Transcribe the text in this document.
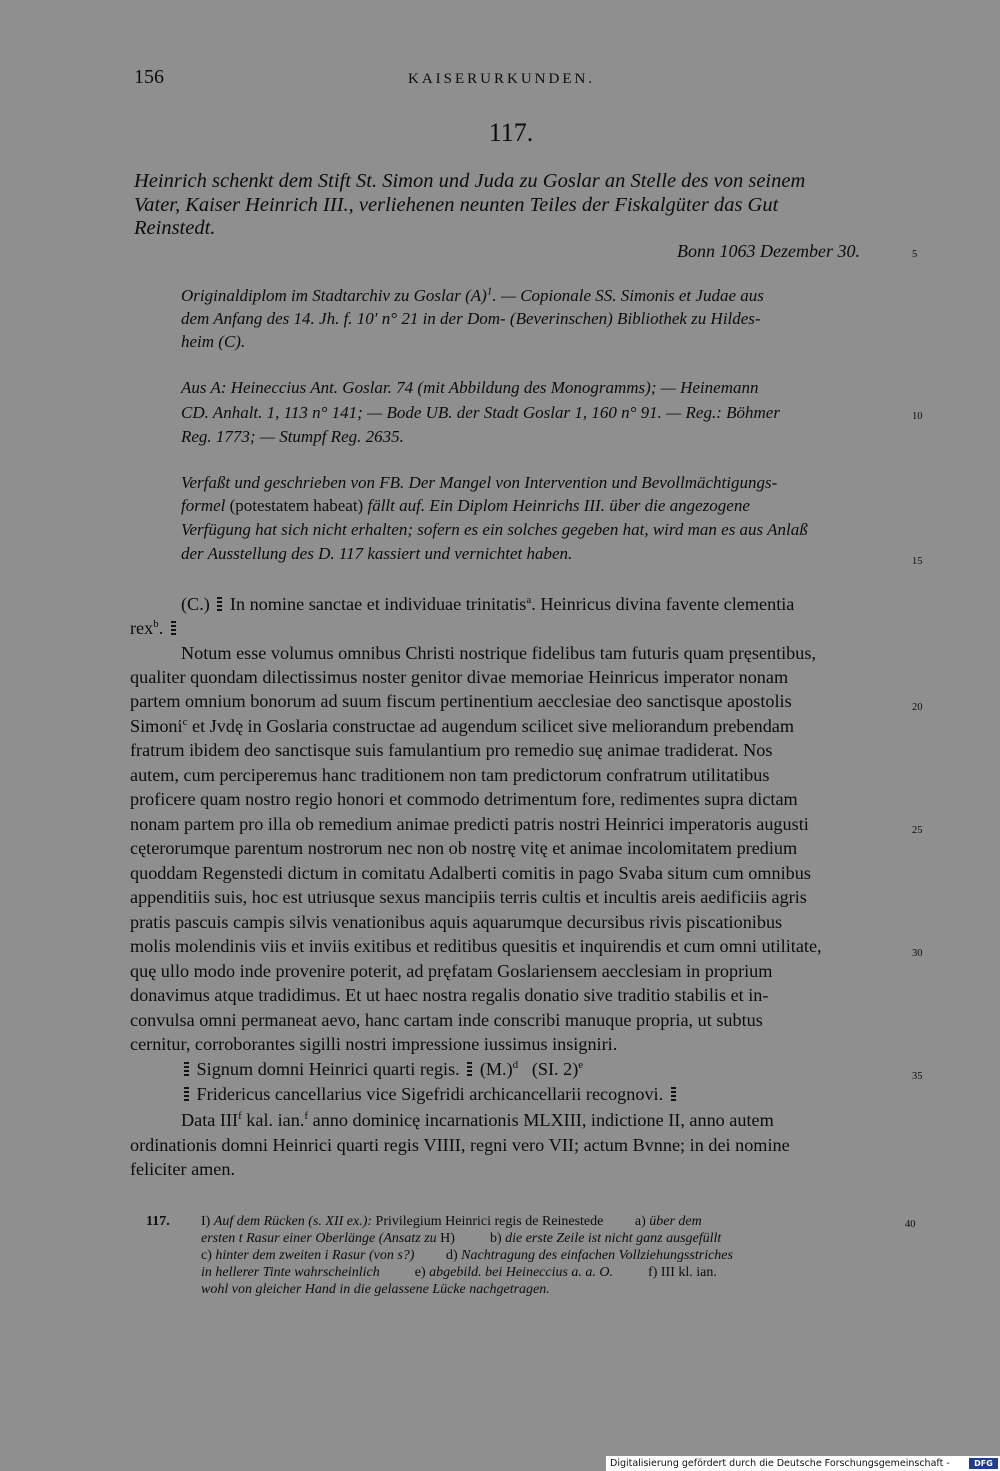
156	KAISERURKUNDEN.
117.
Heinrich schenkt dem Stift St. Simon und Juda zu Goslar an Stelle des von seinem
Vater, Kaiser Heinrich III., verliehenen neunten Teiles der Fiskalgüter das Gut
Reinstedt.
Bonn 1063 Dezember 30.	5
Originaldiplom im Stadtarchiv zu Goslar $(A)^1$. — Copionale SS. Simonis et Judae aus
dem Anfang des 14. Jh. f. 10′ n° 21 in der Dom- (Beverinschen) Bibliothek zu Hildes-
heim (C).
Aus A: Heineccius Ant. Goslar. 74 (mit Abbildung des Monogramms); — Heinemann
CD. Anhalt. 1, 113 n° 141; — Bode UB. der Stadt Goslar 1, 160 n° 91. — Reg.: Böhmer
Reg. 1773; — Stumpf Reg. 2635.
10
Verfaßt und geschrieben von FB. Der Mangel von Intervention und Bevollmächtigungs-
formel (potestatem habeat) fällt auf. Ein Diplom Heinrichs III. über die angezogene
Verfügung hat sich nicht erhalten; sofern es ein solches gegeben hat, wird man es aus Anlaß
der Ausstellung des D. 117 kassiert und vernichtet haben.	15
(C.) In nomine sanctae et individuae trinitatis$^a$. Heinricus divina favente clementia
rex$^b$.
Notum esse volumus omnibus Christi nostrique fidelibus tam futuris quam pręsentibus,
qualiter quondam dilectissimus noster genitor divae memoriae Heinricus imperator nonam
partem omnium bonorum ad suum fiscum pertinentium aecclesiae deo sanctisque apostolis
Simoni$^c$ et Jvdę in Goslaria constructae ad augendum scilicet sive meliorandum prebendam
fratrum ibidem deo sanctisque suis famulantium pro remedio suę animae tradiderat. Nos
autem, cum perciperemus hanc traditionem non tam predictorum confratrum utilitatibus
proficere quam nostro regio honori et commodo detrimentum fore, redimentes supra dictam
nonam partem pro illa ob remedium animae predicti patris nostri Heinrici imperatoris augusti
cęterorumque parentum nostrorum nec non ob nostrę vitę et animae incolomitatem predium
quoddam Regenstedi dictum in comitatu Adalberti comitis in pago Svaba situm cum omnibus
appenditiis suis, hoc est utriusque sexus mancipiis terris cultis et incultis areis aedificiis agris
pratis pascuis campis silvis venationibus aquis aquarumque decursibus rivis piscationibus
molis molendinis viis et inviis exitibus et reditibus quesitis et inquirendis et cum omni utilitate,
quę ullo modo inde provenire poterit, ad pręfatam Goslariensem aecclesiam in proprium
donavimus atque tradidimus. Et ut haec nostra regalis donatio sive traditio stabilis et in-
convulsa omni permaneat aevo, hanc cartam inde conscribi manuque propria, ut subtus
cernitur, corroborantes sigilli nostri impressione iussimus insigniri.
Signum domni Heinrici quarti regis. $(M.)^d$ (SI. 2)$^e$
Fridericus cancellarius vice Sigefridi archicancellarii recognovi.
Data III$^f$ kal. ian.$^f$ anno dominicę incarnationis MLXIII, indictione II, anno autem
ordinationis domni Heinrici quarti regis VIIII, regni vero VII; actum Bvnne; in dei nomine
feliciter amen.
20
25
30
35
117. I) Auf dem Rücken (s. XII ex.): Privilegium Heinrici regis de Reinestede a) über dem
ersten t Rasur einer Oberlänge (Ansatz zu H)	b) die erste Zeile ist nicht ganz ausgefüllt
c) hinter dem zweiten i Rasur (von s?) d) Nachtragung des einfachen Vollziehungsstriches
in hellerer Tinte wahrscheinlich	e) abgebild. bei Heineccius a. a. O.	f) III kl. ian.
wohl von gleicher Hand in die gelassene Lücke nachgetragen.
40
Digitalisierung gefördert durch die Deutsche Forschungsgemeinschaft -	DFG
